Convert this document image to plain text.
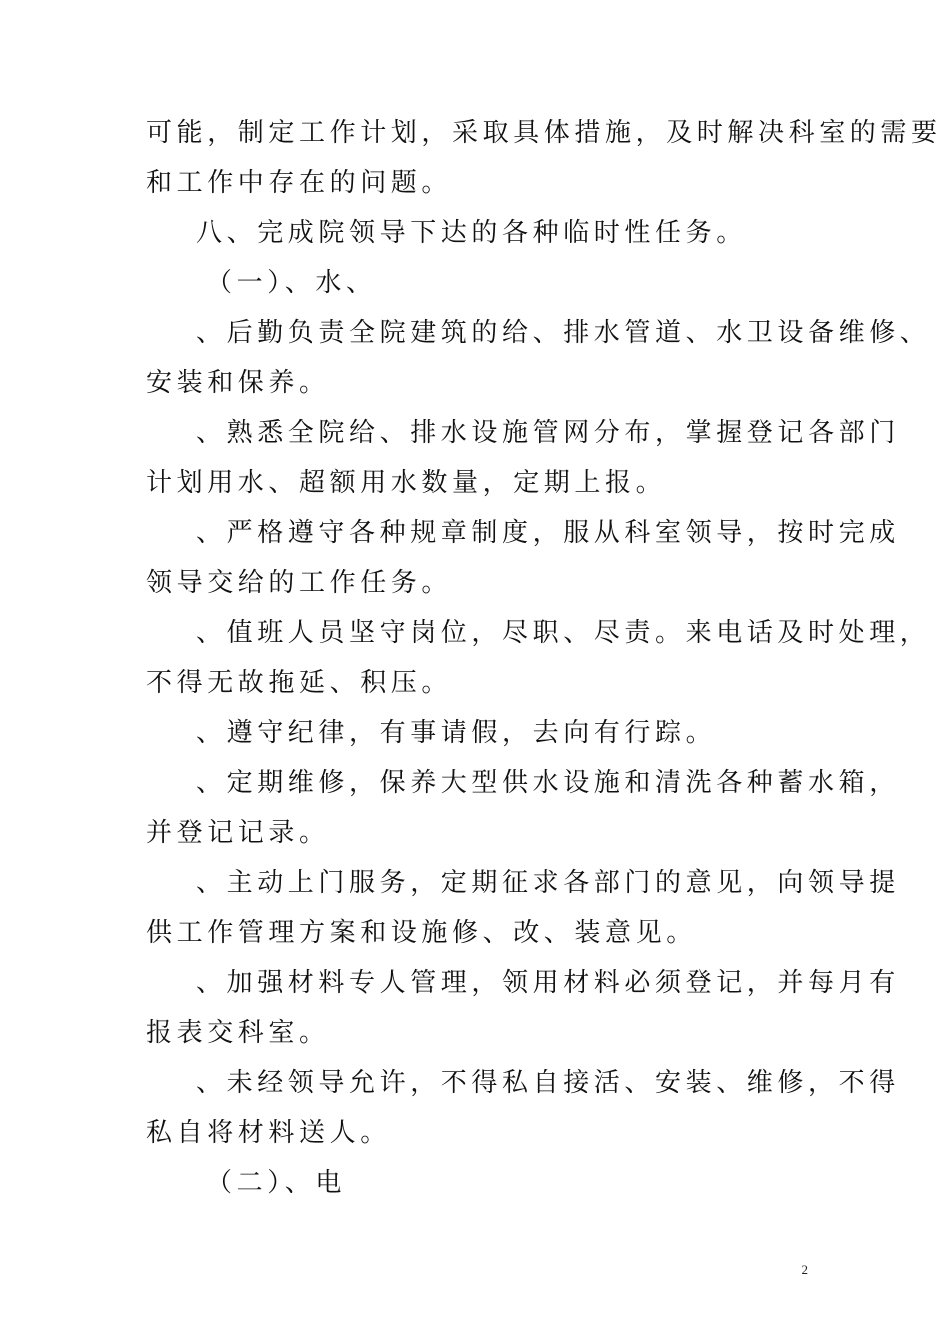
可能，制定工作计划，采取具体措施，及时解决科室的需要
和工作中存在的问题。
八、完成院领导下达的各种临时性任务。
（一）、水、
、后勤负责全院建筑的给、排水管道、水卫设备维修、
安装和保养。
、熟悉全院给、排水设施管网分布，掌握登记各部门
计划用水、超额用水数量，定期上报。
、严格遵守各种规章制度，服从科室领导，按时完成
领导交给的工作任务。
、值班人员坚守岗位，尽职、尽责。来电话及时处理，
不得无故拖延、积压。
、遵守纪律，有事请假，去向有行踪。
、定期维修，保养大型供水设施和清洗各种蓄水箱，
并登记记录。
、主动上门服务，定期征求各部门的意见，向领导提
供工作管理方案和设施修、改、装意见。
、加强材料专人管理，领用材料必须登记，并每月有
报表交科室。
、未经领导允许，不得私自接活、安装、维修，不得
私自将材料送人。
（二）、电
2
